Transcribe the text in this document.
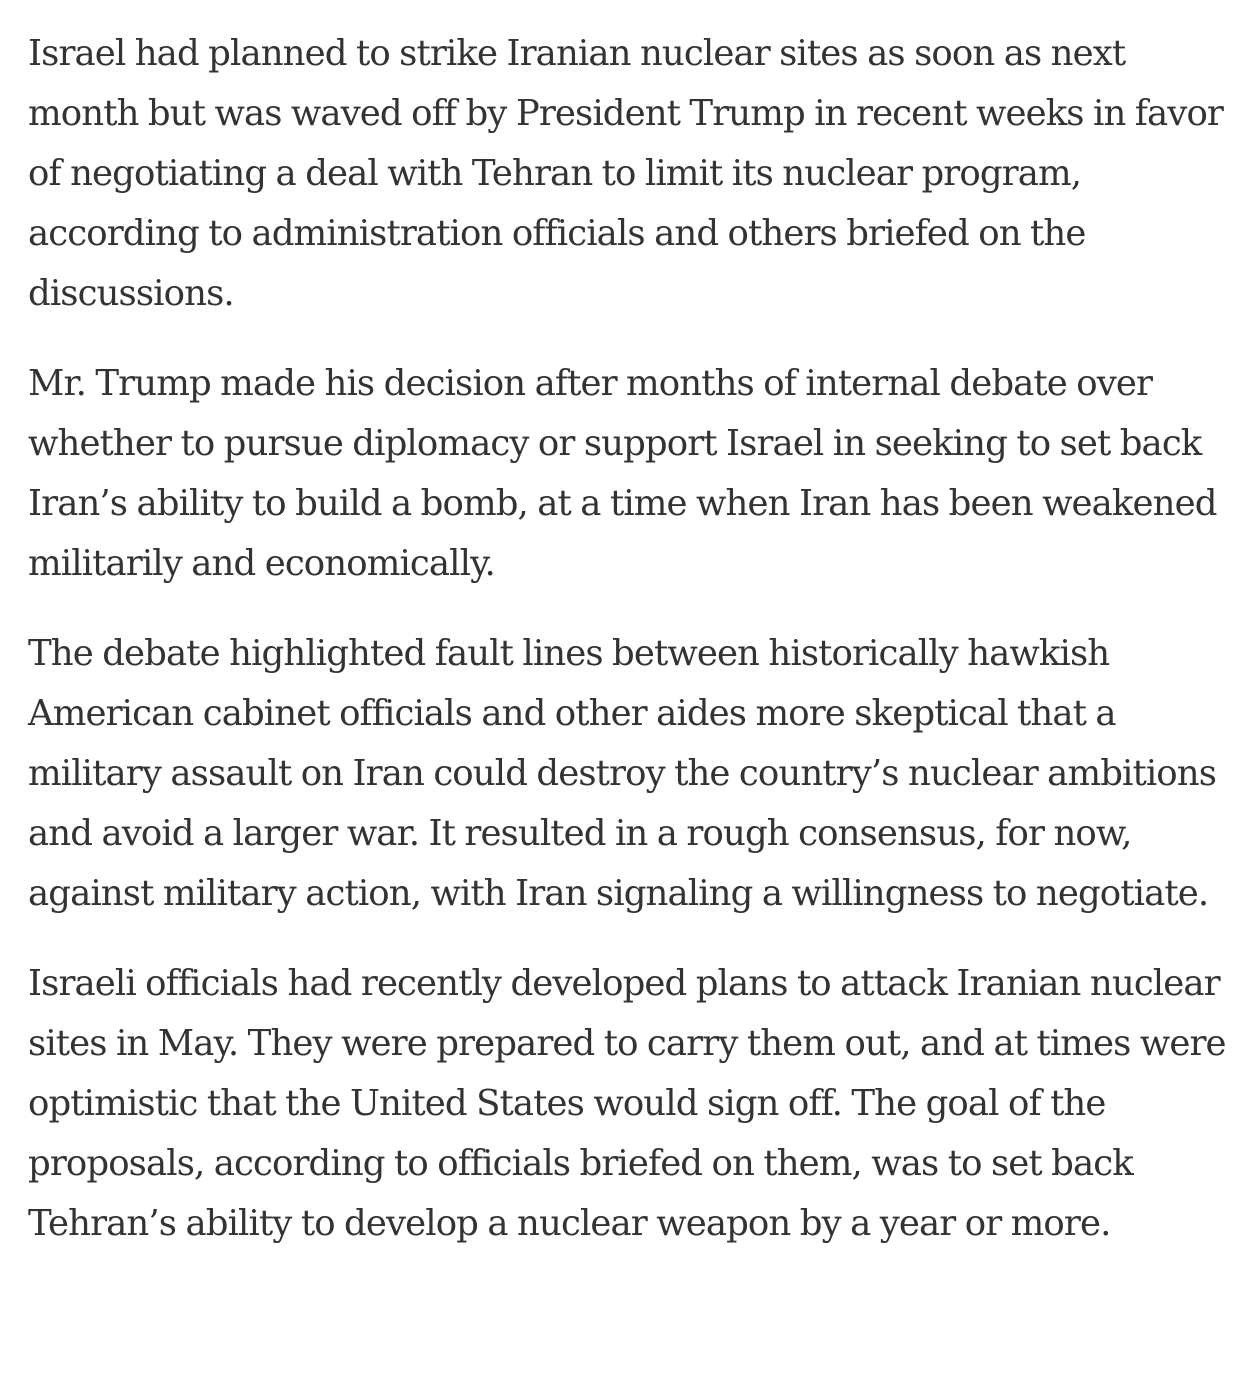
Israel had planned to strike Iranian nuclear sites as soon as next month but was waved off by President Trump in recent weeks in favor of negotiating a deal with Tehran to limit its nuclear program, according to administration officials and others briefed on the discussions.

Mr. Trump made his decision after months of internal debate over whether to pursue diplomacy or support Israel in seeking to set back Iran’s ability to build a bomb, at a time when Iran has been weakened militarily and economically.

The debate highlighted fault lines between historically hawkish American cabinet officials and other aides more skeptical that a military assault on Iran could destroy the country’s nuclear ambitions and avoid a larger war. It resulted in a rough consensus, for now, against military action, with Iran signaling a willingness to negotiate.

Israeli officials had recently developed plans to attack Iranian nuclear sites in May. They were prepared to carry them out, and at times were optimistic that the United States would sign off. The goal of the proposals, according to officials briefed on them, was to set back Tehran’s ability to develop a nuclear weapon by a year or more.
